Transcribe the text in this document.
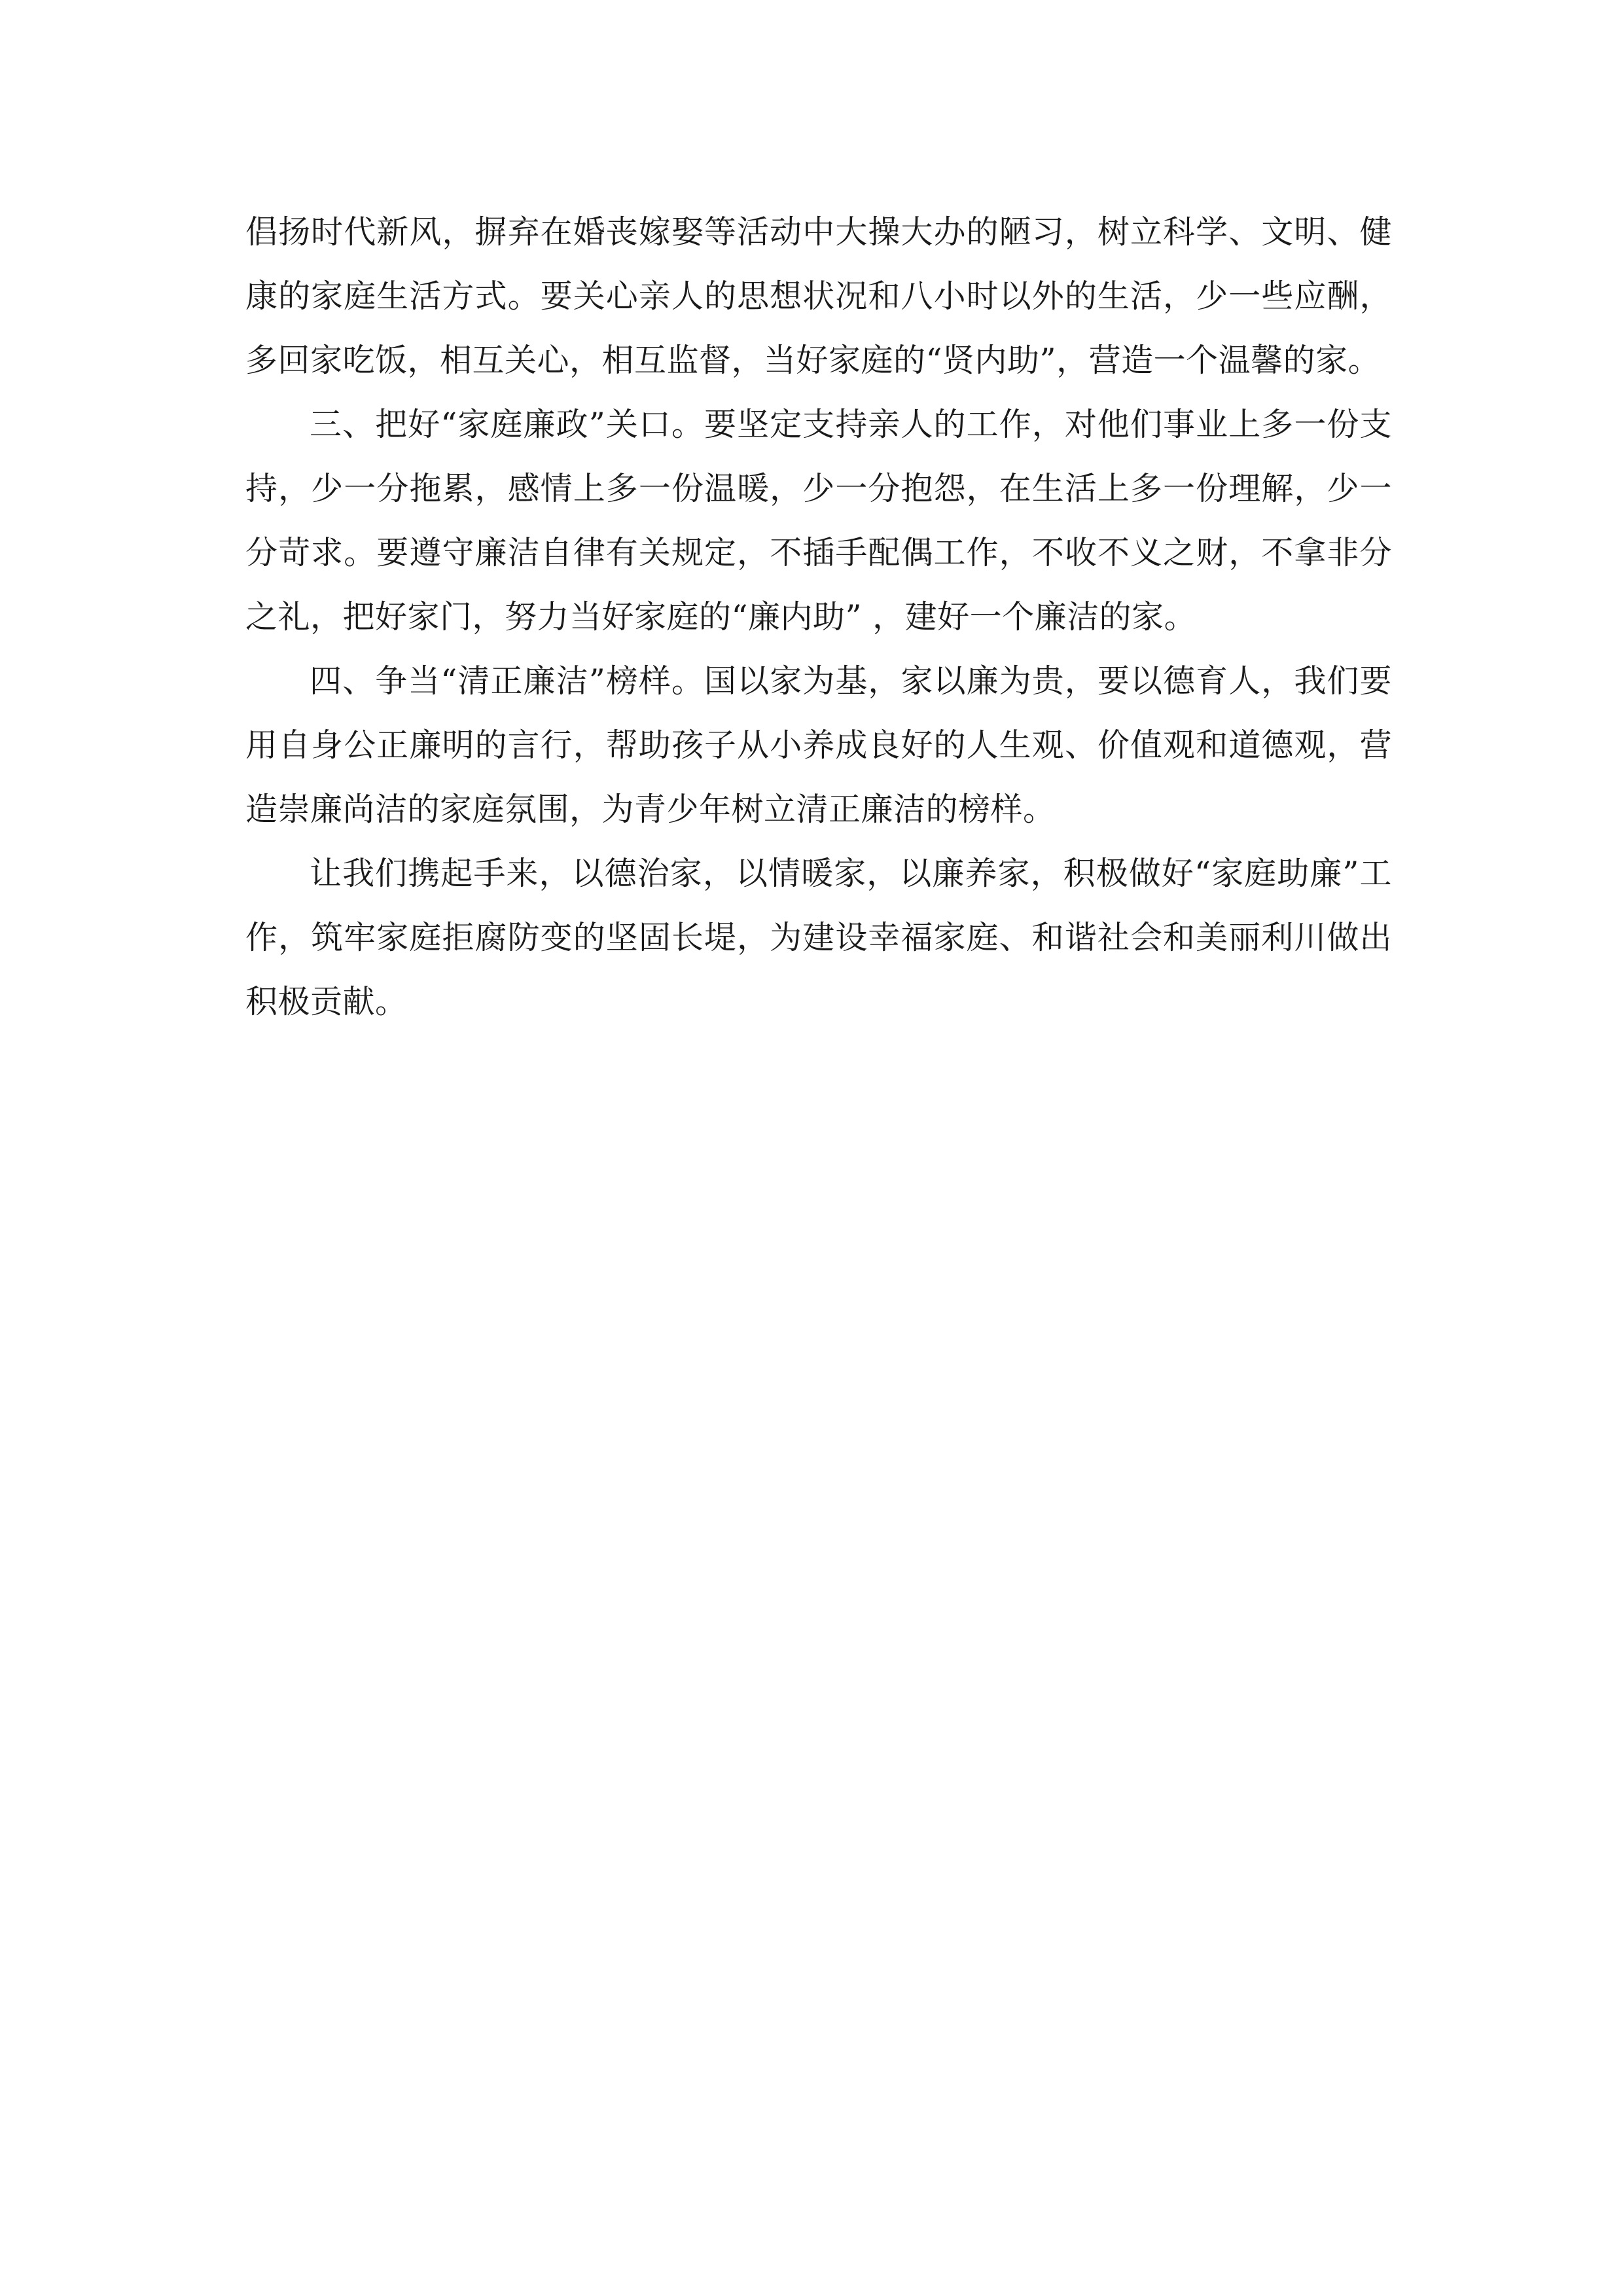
倡扬时代新风，摒弃在婚丧嫁娶等活动中大操大办的陋习，树立科学、文明、健康的家庭生活方式。要关心亲人的思想状况和八小时以外的生活，少一些应酬，多回家吃饭，相互关心，相互监督，当好家庭的“贤内助”，营造一个温馨的家。

三、把好“家庭廉政”关口。要坚定支持亲人的工作，对他们事业上多一份支持，少一分拖累，感情上多一份温暖，少一分抱怨，在生活上多一份理解，少一分苛求。要遵守廉洁自律有关规定，不插手配偶工作，不收不义之财，不拿非分之礼，把好家门，努力当好家庭的“廉内助” ，建好一个廉洁的家。

四、争当“清正廉洁”榜样。国以家为基，家以廉为贵，要以德育人，我们要用自身公正廉明的言行，帮助孩子从小养成良好的人生观、价值观和道德观，营造崇廉尚洁的家庭氛围，为青少年树立清正廉洁的榜样。

让我们携起手来，以德治家，以情暖家，以廉养家，积极做好“家庭助廉”工作，筑牢家庭拒腐防变的坚固长堤，为建设幸福家庭、和谐社会和美丽利川做出积极贡献。
